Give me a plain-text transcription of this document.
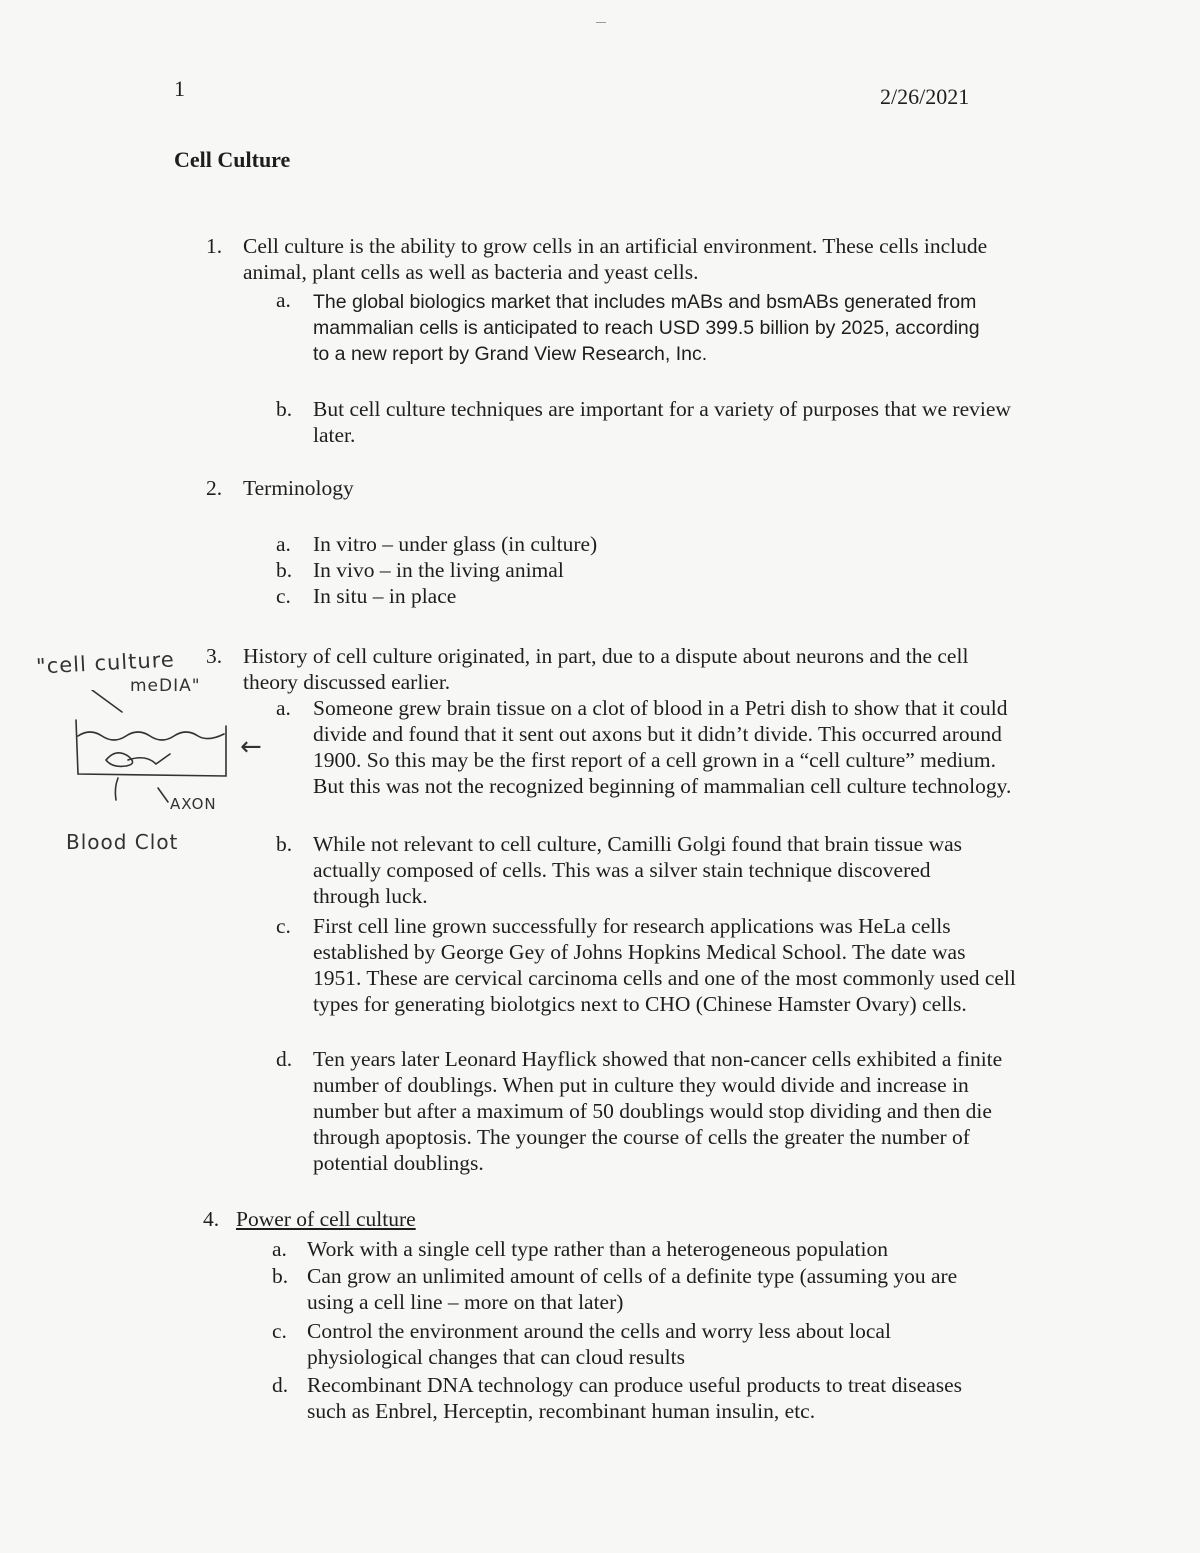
1	2/26/2021
Cell Culture
1. Cell culture is the ability to grow cells in an artificial environment. These cells include animal, plant cells as well as bacteria and yeast cells.

a. The global biologics market that includes mABs and bsmABs generated from mammalian cells is anticipated to reach USD 399.5 billion by 2025, according to a new report by Grand View Research, Inc.

b. But cell culture techniques are important for a variety of purposes that we review later.

2. Terminology

a. In vitro – under glass (in culture)

b. In vivo – in the living animal

c. In situ – in place

3. History of cell culture originated, in part, due to a dispute about neurons and the cell theory discussed earlier.

a. Someone grew brain tissue on a clot of blood in a Petri dish to show that it could divide and found that it sent out axons but it didn’t divide. This occurred around 1900. So this may be the first report of a cell grown in a “cell culture” medium. But this was not the recognized beginning of mammalian cell culture technology.

b. While not relevant to cell culture, Camilli Golgi found that brain tissue was actually composed of cells. This was a silver stain technique discovered through luck.

c. First cell line grown successfully for research applications was HeLa cells established by George Gey of Johns Hopkins Medical School. The date was 1951. These are cervical carcinoma cells and one of the most commonly used cell types for generating biolotgics next to CHO (Chinese Hamster Ovary) cells.

d. Ten years later Leonard Hayflick showed that non-cancer cells exhibited a finite number of doublings. When put in culture they would divide and increase in number but after a maximum of 50 doublings would stop dividing and then die through apoptosis. The younger the course of cells the greater the number of potential doublings.

4. Power of cell culture

a. Work with a single cell type rather than a heterogeneous population

b. Can grow an unlimited amount of cells of a definite type (assuming you are using a cell line – more on that later)

c. Control the environment around the cells and worry less about local physiological changes that can cloud results

d. Recombinant DNA technology can produce useful products to treat diseases such as Enbrel, Herceptin, recombinant human insulin, etc.

"cell culture
meDIA"
AXON
Blood Clot
←
